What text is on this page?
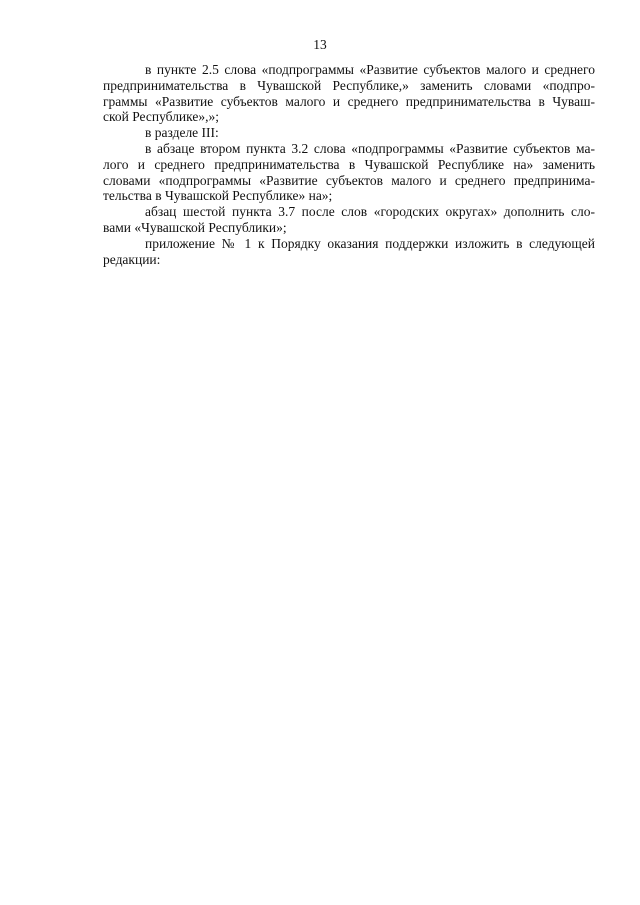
13
в пункте 2.5 слова «подпрограммы «Развитие субъектов малого и среднего
предпринимательства в Чувашской Республике,» заменить словами «подпро-
граммы «Развитие субъектов малого и среднего предпринимательства в Чуваш-
ской Республике»,»;
в разделе III:
в абзаце втором пункта 3.2 слова «подпрограммы «Развитие субъектов ма-
лого и среднего предпринимательства в Чувашской Республике на» заменить
словами «подпрограммы «Развитие субъектов малого и среднего предпринима-
тельства в Чувашской Республике» на»;
абзац шестой пункта 3.7 после слов «городских округах» дополнить сло-
вами «Чувашской Республики»;
приложение № 1 к Порядку оказания поддержки изложить в следующей
редакции:
